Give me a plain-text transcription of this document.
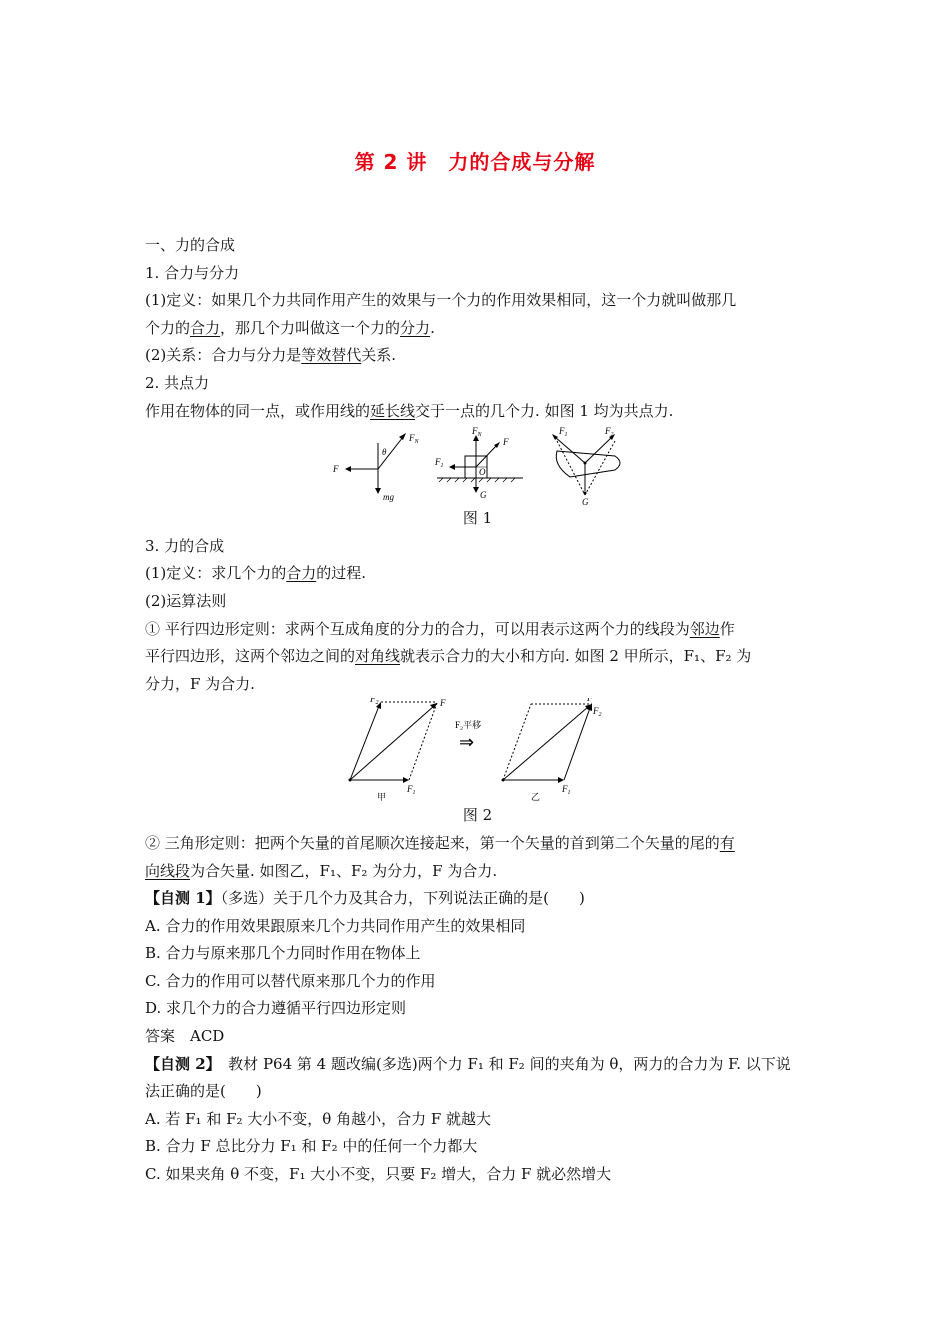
第 2 讲　力的合成与分解
一、力的合成
1. 合力与分力
(1)定义：如果几个力共同作用产生的效果与一个力的作用效果相同，这一个力就叫做那几
个力的合力，那几个力叫做这一个力的分力.
(2)关系：合力与分力是等效替代关系.
2. 共点力
作用在物体的同一点，或作用线的延长线交于一点的几个力. 如图 1 均为共点力.
$F_N$
θ
F
mg
$F_N$
F
$F_1$
O
G
$F_1$	$F_2$
G
图 1
3. 力的合成
(1)定义：求几个力的合力的过程.
(2)运算法则
① 平行四边形定则：求两个互成角度的分力的合力，可以用表示这两个力的线段为邻边作
平行四边形，这两个邻边之间的对角线就表示合力的大小和方向. 如图 2 甲所示，F₁、F₂ 为
分力，F 为合力.
$F_2$	F
$F_1$
甲
F₂平移
⇒
F
$F_2$
$F_1$
乙
图 2
② 三角形定则：把两个矢量的首尾顺次连接起来，第一个矢量的首到第二个矢量的尾的有
向线段为合矢量. 如图乙，F₁、F₂ 为分力，F 为合力.
【自测 1】（多选）关于几个力及其合力，下列说法正确的是(　　)
A. 合力的作用效果跟原来几个力共同作用产生的效果相同
B. 合力与原来那几个力同时作用在物体上
C. 合力的作用可以替代原来那几个力的作用
D. 求几个力的合力遵循平行四边形定则
答案　ACD
【自测 2】　教材 P64 第 4 题改编(多选)两个力 F₁ 和 F₂ 间的夹角为 θ，两力的合力为 F. 以下说
法正确的是(　　)
A. 若 F₁ 和 F₂ 大小不变，θ 角越小，合力 F 就越大
B. 合力 F 总比分力 F₁ 和 F₂ 中的任何一个力都大
C. 如果夹角 θ 不变，F₁ 大小不变，只要 F₂ 增大，合力 F 就必然增大
